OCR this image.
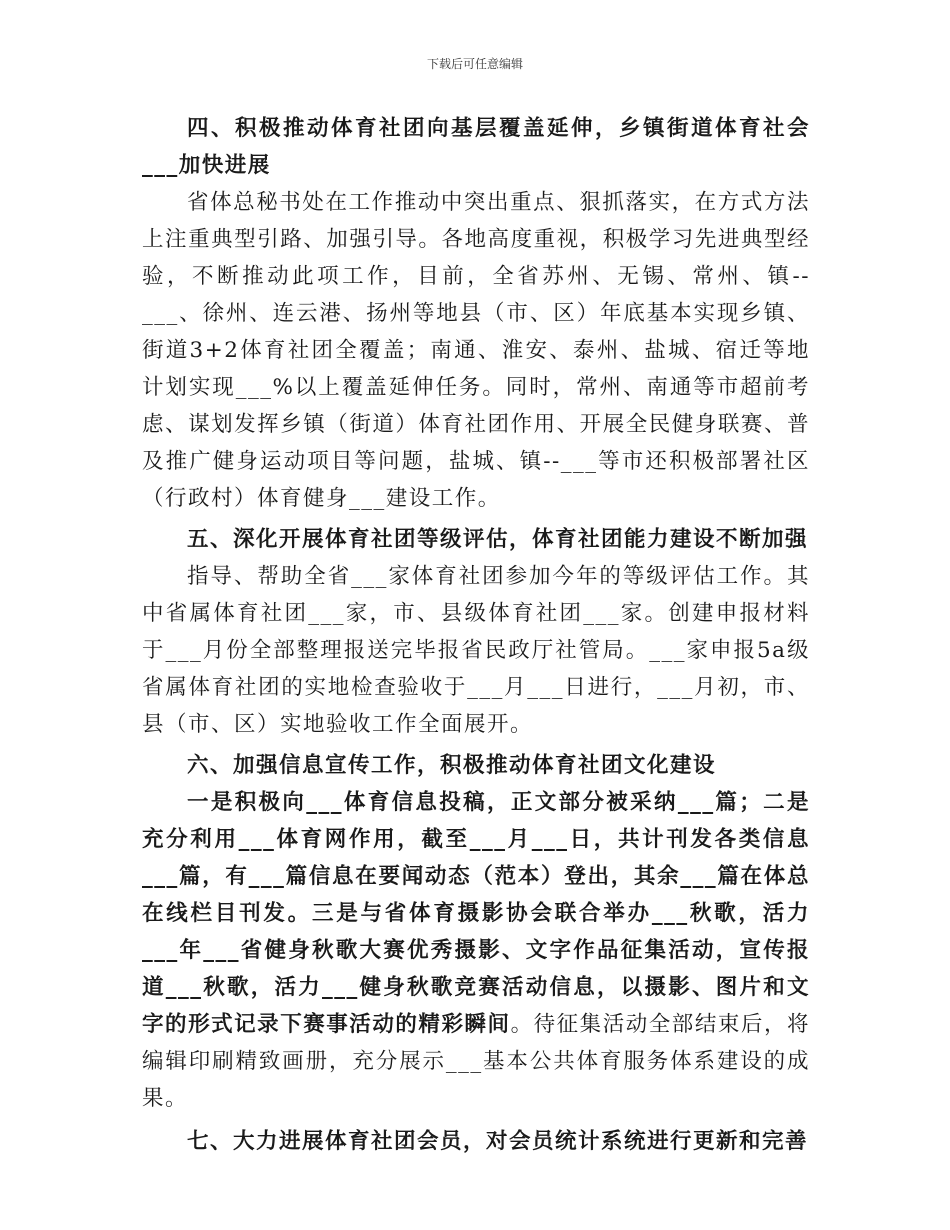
下载后可任意编辑

四、积极推动体育社团向基层覆盖延伸，乡镇街道体育社会___加快进展

省体总秘书处在工作推动中突出重点、狠抓落实，在方式方法上注重典型引路、加强引导。各地高度重视，积极学习先进典型经验，不断推动此项工作，目前，全省苏州、无锡、常州、镇--___、徐州、连云港、扬州等地县（市、区）年底基本实现乡镇、街道3+2体育社团全覆盖；南通、淮安、泰州、盐城、宿迁等地计划实现___%以上覆盖延伸任务。同时，常州、南通等市超前考虑、谋划发挥乡镇（街道）体育社团作用、开展全民健身联赛、普及推广健身运动项目等问题，盐城、镇--___等市还积极部署社区（行政村）体育健身___建设工作。

五、深化开展体育社团等级评估，体育社团能力建设不断加强

指导、帮助全省___家体育社团参加今年的等级评估工作。其中省属体育社团___家，市、县级体育社团___家。创建申报材料于___月份全部整理报送完毕报省民政厅社管局。___家申报5a级省属体育社团的实地检查验收于___月___日进行，___月初，市、县（市、区）实地验收工作全面展开。

六、加强信息宣传工作，积极推动体育社团文化建设

一是积极向___体育信息投稿，正文部分被采纳___篇；二是充分利用___体育网作用，截至___月___日，共计刊发各类信息___篇，有___篇信息在要闻动态（范本）登出，其余___篇在体总在线栏目刊发。三是与省体育摄影协会联合举办___秋歌，活力___年___省健身秋歌大赛优秀摄影、文字作品征集活动，宣传报道___秋歌，活力___健身秋歌竞赛活动信息，以摄影、图片和文字的形式记录下赛事活动的精彩瞬间。待征集活动全部结束后，将编辑印刷精致画册，充分展示___基本公共体育服务体系建设的成果。

七、大力进展体育社团会员，对会员统计系统进行更新和完善
